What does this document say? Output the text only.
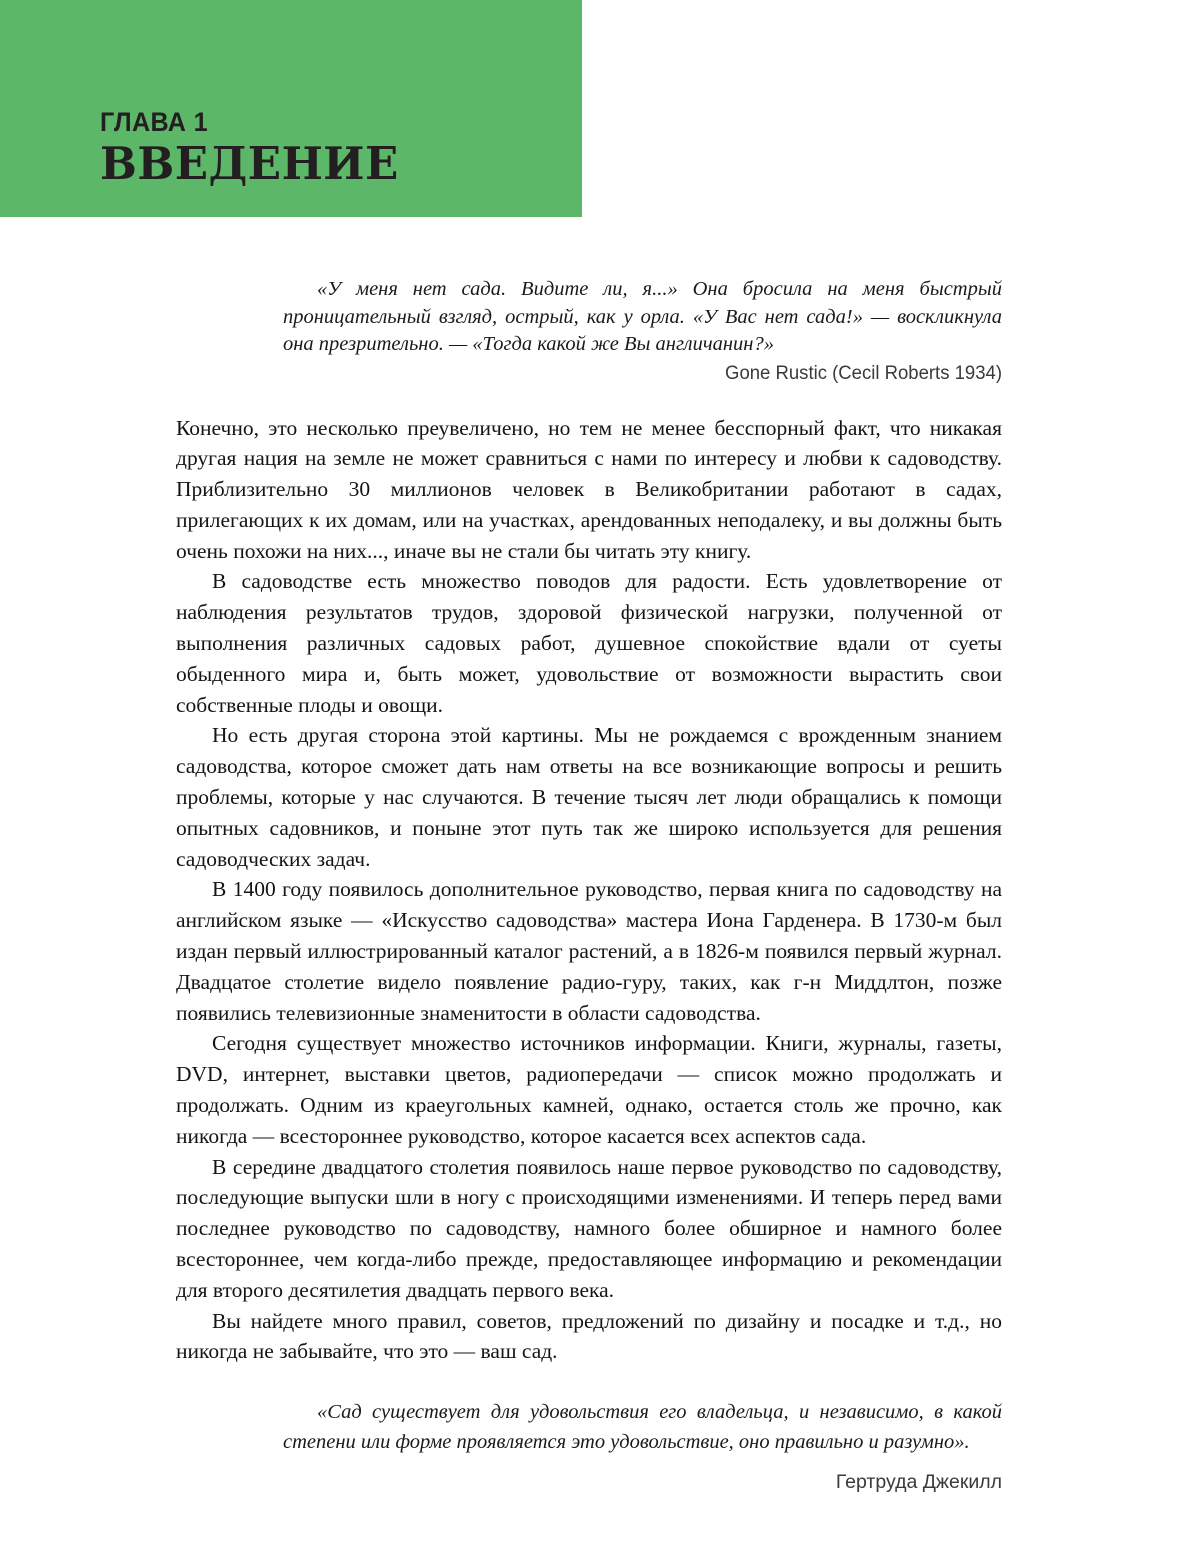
ГЛАВА 1
ВВЕДЕНИЕ

«У меня нет сада. Видите ли, я...» Она бросила на меня быстрый проницательный взгляд, острый, как у орла. «У Вас нет сада!» — воскликнула она презрительно. — «Тогда какой же Вы англичанин?»

Gone Rustic (Cecil Roberts 1934)

Конечно, это несколько преувеличено, но тем не менее бесспорный факт, что никакая другая нация на земле не может сравниться с нами по интересу и любви к садоводству. Приблизительно 30 миллионов человек в Великобритании работают в садах, прилегающих к их домам, или на участках, арендованных неподалеку, и вы должны быть очень похожи на них..., иначе вы не стали бы читать эту книгу.

В садоводстве есть множество поводов для радости. Есть удовлетворение от наблюдения результатов трудов, здоровой физической нагрузки, полученной от выполнения различных садовых работ, душевное спокойствие вдали от суеты обыденного мира и, быть может, удовольствие от возможности вырастить свои собственные плоды и овощи.

Но есть другая сторона этой картины. Мы не рождаемся с врожденным знанием садоводства, которое сможет дать нам ответы на все возникающие вопросы и решить проблемы, которые у нас случаются. В течение тысяч лет люди обращались к помощи опытных садовников, и поныне этот путь так же широко используется для решения садоводческих задач.

В 1400 году появилось дополнительное руководство, первая книга по садоводству на английском языке — «Искусство садоводства» мастера Иона Гарденера. В 1730-м был издан первый иллюстрированный каталог растений, а в 1826-м появился первый журнал. Двадцатое столетие видело появление радио-гуру, таких, как г-н Миддлтон, позже появились телевизионные знаменитости в области садоводства.

Сегодня существует множество источников информации. Книги, журналы, газеты, DVD, интернет, выставки цветов, радиопередачи — список можно продолжать и продолжать. Одним из краеугольных камней, однако, остается столь же прочно, как никогда — всестороннее руководство, которое касается всех аспектов сада.

В середине двадцатого столетия появилось наше первое руководство по садоводству, последующие выпуски шли в ногу с происходящими изменениями. И теперь перед вами последнее руководство по садоводству, намного более обширное и намного более всестороннее, чем когда-либо прежде, предоставляющее информацию и рекомендации для второго десятилетия двадцать первого века.

Вы найдете много правил, советов, предложений по дизайну и посадке и т.д., но никогда не забывайте, что это — ваш сад.

«Сад существует для удовольствия его владельца, и независимо, в какой степени или форме проявляется это удовольствие, оно правильно и разумно».

Гертруда Джекилл
